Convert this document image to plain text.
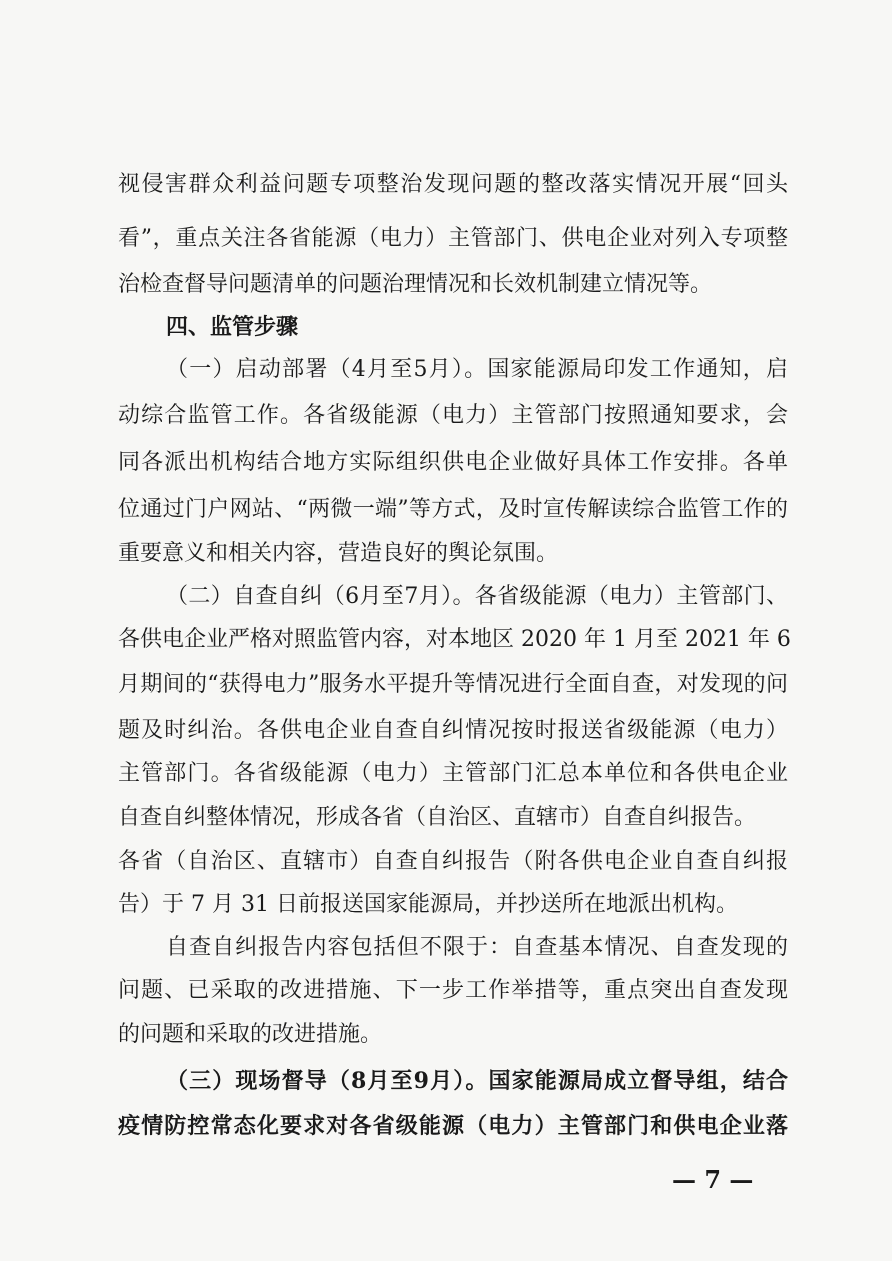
视侵害群众利益问题专项整治发现问题的整改落实情况开展“回头
看”，重点关注各省能源（电力）主管部门、供电企业对列入专项整
治检查督导问题清单的问题治理情况和长效机制建立情况等。
四、监管步骤
（一）启动部署（4月至5月）。国家能源局印发工作通知，启
动综合监管工作。各省级能源（电力）主管部门按照通知要求，会
同各派出机构结合地方实际组织供电企业做好具体工作安排。各单
位通过门户网站、“两微一端”等方式，及时宣传解读综合监管工作的
重要意义和相关内容，营造良好的舆论氛围。
（二）自查自纠（6月至7月）。各省级能源（电力）主管部门、
各供电企业严格对照监管内容，对本地区 2020 年 1 月至 2021 年 6
月期间的“获得电力”服务水平提升等情况进行全面自查，对发现的问
题及时纠治。各供电企业自查自纠情况按时报送省级能源（电力）
主管部门。各省级能源（电力）主管部门汇总本单位和各供电企业
自查自纠整体情况，形成各省（自治区、直辖市）自查自纠报告。
各省（自治区、直辖市）自查自纠报告（附各供电企业自查自纠报
告）于 7 月 31 日前报送国家能源局，并抄送所在地派出机构。
自查自纠报告内容包括但不限于：自查基本情况、自查发现的
问题、已采取的改进措施、下一步工作举措等，重点突出自查发现
的问题和采取的改进措施。
（三）现场督导（8月至9月）。国家能源局成立督导组，结合
疫情防控常态化要求对各省级能源（电力）主管部门和供电企业落
— 7 —
